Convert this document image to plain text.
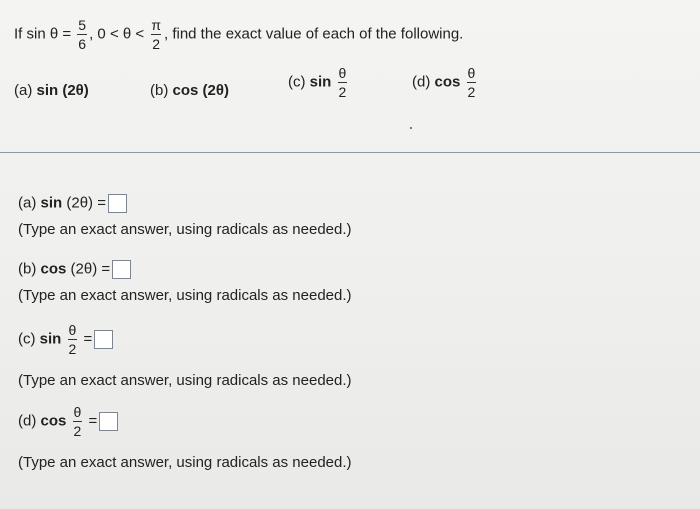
If $\sin \theta = \frac{5}{6}$ , $0 < \theta < \frac{\pi}{2}$ , find the exact value of each of the following.
(a) sin (2θ)	(b) cos (2θ)
(c) $\sin \frac{\theta}{2}$	(d) $\cos \frac{\theta}{2}$
(a) sin (2θ) =
(Type an exact answer, using radicals as needed.)
(b) cos (2θ) =
(Type an exact answer, using radicals as needed.)
(c) $\sin \frac{\theta}{2}$ =
(Type an exact answer, using radicals as needed.)
(d) $\cos \frac{\theta}{2}$ =
(Type an exact answer, using radicals as needed.)
